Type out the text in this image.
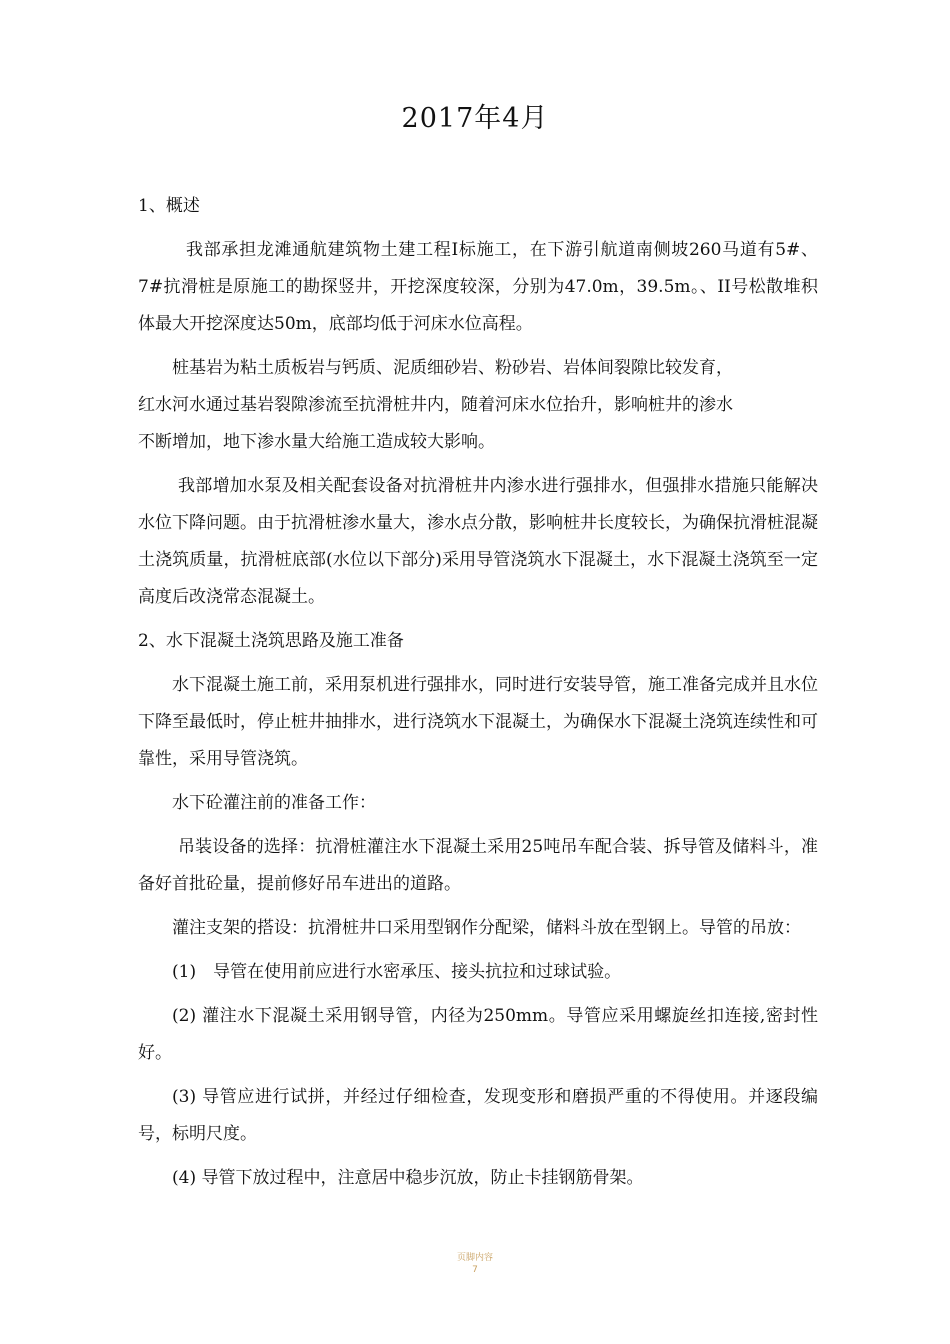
2017年4月

1、概述

我部承担龙滩通航建筑物土建工程Ⅰ标施工，在下游引航道南侧坡260马道有5#、7#抗滑桩是原施工的勘探竖井，开挖深度较深，分别为47.0m，39.5m。、II号松散堆积体最大开挖深度达50m，底部均低于河床水位高程。

桩基岩为粘土质板岩与钙质、泥质细砂岩、粉砂岩、岩体间裂隙比较发育，

红水河水通过基岩裂隙渗流至抗滑桩井内，随着河床水位抬升，影响桩井的渗水

不断增加，地下渗水量大给施工造成较大影响。

我部增加水泵及相关配套设备对抗滑桩井内渗水进行强排水，但强排水措施只能解决水位下降问题。由于抗滑桩渗水量大，渗水点分散，影响桩井长度较长，为确保抗滑桩混凝土浇筑质量，抗滑桩底部(水位以下部分)采用导管浇筑水下混凝土，水下混凝土浇筑至一定高度后改浇常态混凝土。

2、水下混凝土浇筑思路及施工准备

水下混凝土施工前，采用泵机进行强排水，同时进行安装导管，施工准备完成并且水位下降至最低时，停止桩井抽排水，进行浇筑水下混凝土，为确保水下混凝土浇筑连续性和可靠性，采用导管浇筑。

水下砼灌注前的准备工作：

吊装设备的选择：抗滑桩灌注水下混凝土采用25吨吊车配合装、拆导管及储料斗，准备好首批砼量，提前修好吊车进出的道路。

灌注支架的搭设：抗滑桩井口采用型钢作分配梁，储料斗放在型钢上。导管的吊放：

(1)　导管在使用前应进行水密承压、接头抗拉和过球试验。

(2) 灌注水下混凝土采用钢导管，内径为250mm。导管应采用螺旋丝扣连接,密封性好。

(3) 导管应进行试拼，并经过仔细检查，发现变形和磨损严重的不得使用。并逐段编号，标明尺度。

(4) 导管下放过程中，注意居中稳步沉放，防止卡挂钢筋骨架。

页脚内容
7
